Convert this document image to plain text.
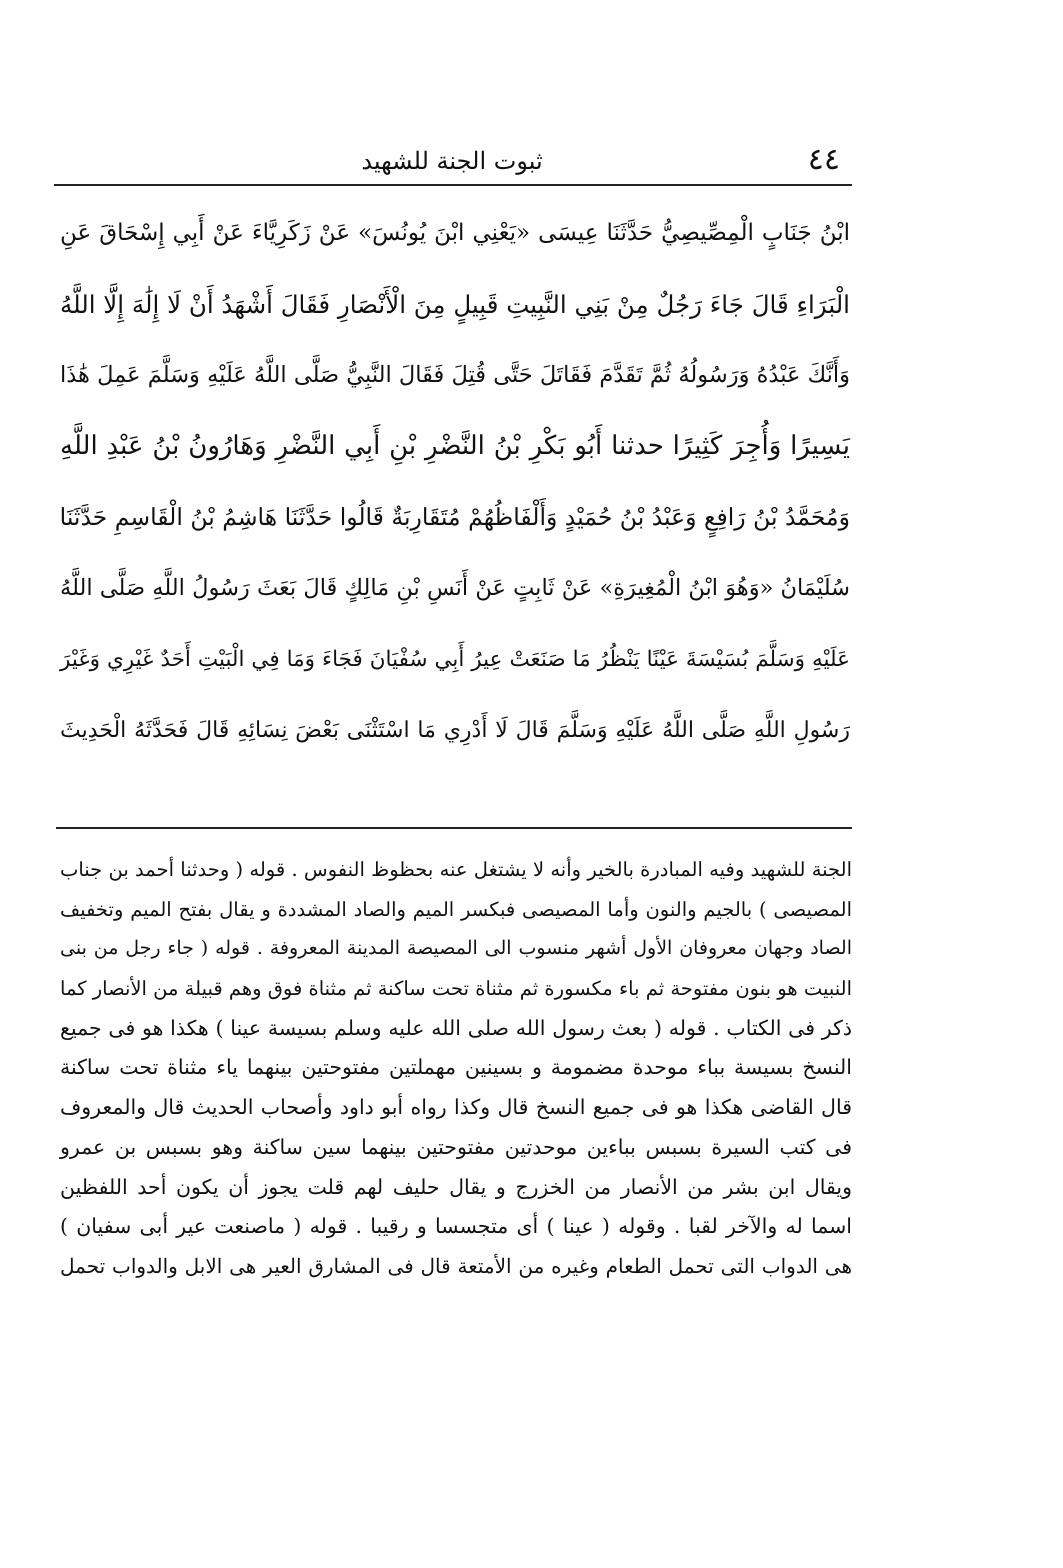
٤٤
ثبوت الجنة للشهيد
ابْنُ جَنَابٍ الْمِصِّيصِيُّ حَدَّثَنَا عِيسَى «يَعْنِي ابْنَ يُونُسَ» عَنْ زَكَرِيَّاءَ عَنْ أَبِي إِسْحَاقَ عَنِ
الْبَرَاءِ قَالَ جَاءَ رَجُلٌ مِنْ بَنِي النَّبِيتِ قَبِيلٍ مِنَ الْأَنْصَارِ فَقَالَ أَشْهَدُ أَنْ لَا إِلَٰهَ إِلَّا اللَّهُ
وَأَنَّكَ عَبْدُهُ وَرَسُولُهُ ثُمَّ تَقَدَّمَ فَقَاتَلَ حَتَّى قُتِلَ فَقَالَ النَّبِيُّ صَلَّى اللَّهُ عَلَيْهِ وَسَلَّمَ عَمِلَ هَٰذَا
يَسِيرًا وَأُجِرَ كَثِيرًا حدثنا أَبُو بَكْرِ بْنُ النَّضْرِ بْنِ أَبِي النَّضْرِ وَهَارُونُ بْنُ عَبْدِ اللَّهِ
وَمُحَمَّدُ بْنُ رَافِعٍ وَعَبْدُ بْنُ حُمَيْدٍ وَأَلْفَاظُهُمْ مُتَقَارِبَةٌ قَالُوا حَدَّثَنَا هَاشِمُ بْنُ الْقَاسِمِ حَدَّثَنَا
سُلَيْمَانُ «وَهُوَ ابْنُ الْمُغِيرَةِ» عَنْ ثَابِتٍ عَنْ أَنَسِ بْنِ مَالِكٍ قَالَ بَعَثَ رَسُولُ اللَّهِ صَلَّى اللَّهُ
عَلَيْهِ وَسَلَّمَ بُسَيْسَةَ عَيْنًا يَنْظُرُ مَا صَنَعَتْ عِيرُ أَبِي سُفْيَانَ فَجَاءَ وَمَا فِي الْبَيْتِ أَحَدٌ غَيْرِي وَغَيْرَ
رَسُولِ اللَّهِ صَلَّى اللَّهُ عَلَيْهِ وَسَلَّمَ قَالَ لَا أَدْرِي مَا اسْتَثْنَى بَعْضَ نِسَائِهِ قَالَ فَحَدَّثَهُ الْحَدِيثَ
الجنة للشهيد وفيه المبادرة بالخير وأنه لا يشتغل عنه بحظوظ النفوس . قوله ( وحدثنا أحمد بن جناب
المصيصى ) بالجيم والنون وأما المصيصى فبكسر الميم والصاد المشددة و يقال بفتح الميم وتخفيف
الصاد وجهان معروفان الأول أشهر منسوب الى المصيصة المدينة المعروفة . قوله ( جاء رجل من بنى
النبيت هو بنون مفتوحة ثم باء مكسورة ثم مثناة تحت ساكنة ثم مثناة فوق وهم قبيلة من الأنصار كما
ذكر فى الكتاب . قوله ( بعث رسول الله صلى الله عليه وسلم بسيسة عينا ) هكذا هو فى جميع
النسخ بسيسة بباء موحدة مضمومة و بسينين مهملتين مفتوحتين بينهما ياء مثناة تحت ساكنة
قال القاضى هكذا هو فى جميع النسخ قال وكذا رواه أبو داود وأصحاب الحديث قال والمعروف
فى كتب السيرة بسبس بباءين موحدتين مفتوحتين بينهما سين ساكنة وهو بسبس بن عمرو
ويقال ابن بشر من الأنصار من الخزرج و يقال حليف لهم قلت يجوز أن يكون أحد اللفظين
اسما له والآخر لقبا . وقوله ( عينا ) أى متجسسا و رقيبا . قوله ( ماصنعت عير أبى سفيان )
هى الدواب التى تحمل الطعام وغيره من الأمتعة قال فى المشارق العير هى الابل والدواب تحمل
